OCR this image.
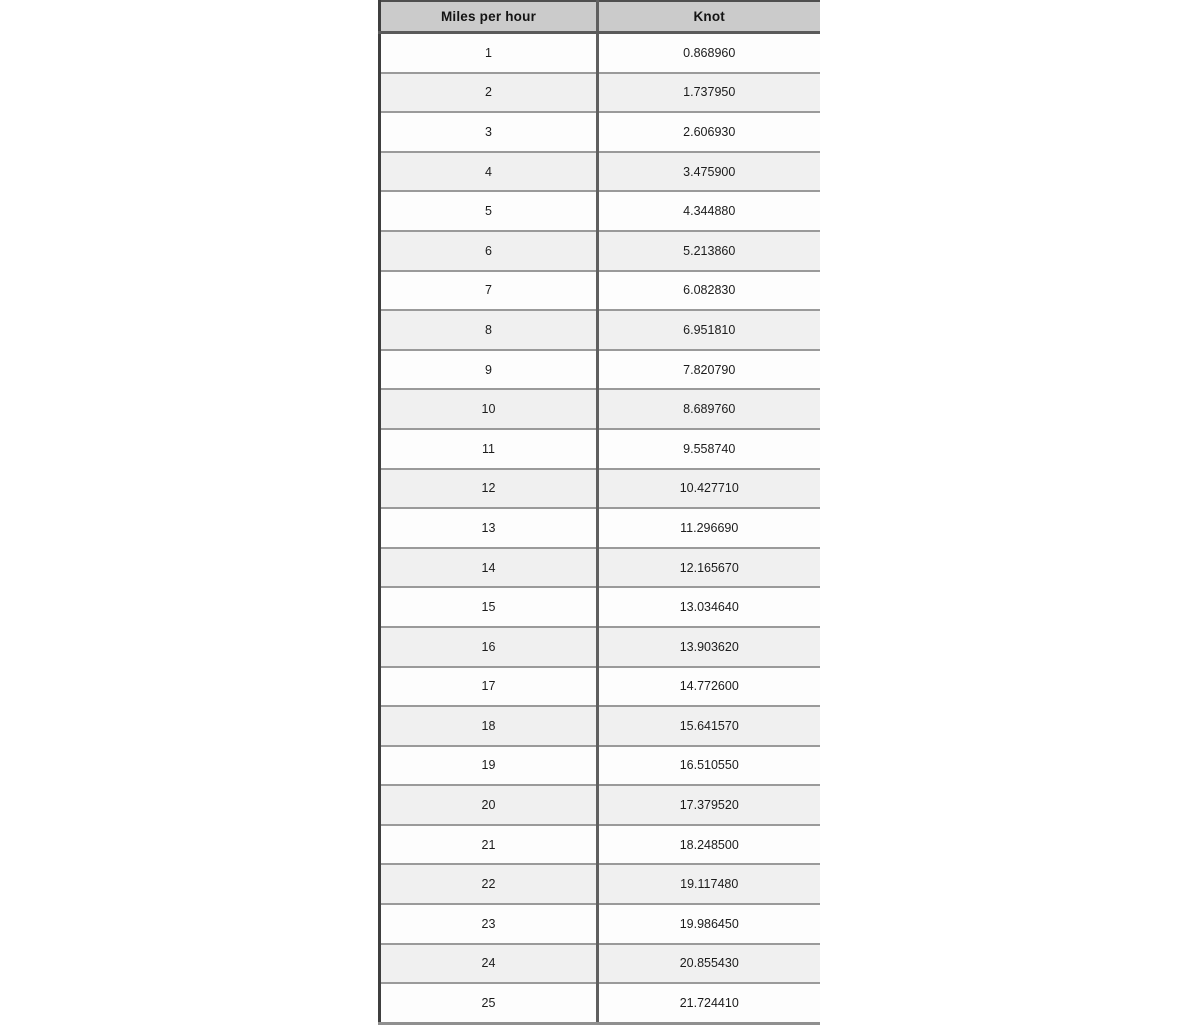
Miles per hour	Knot
1	0.868960
2	1.737950
3	2.606930
4	3.475900
5	4.344880
6	5.213860
7	6.082830
8	6.951810
9	7.820790
10	8.689760
11	9.558740
12	10.427710
13	11.296690
14	12.165670
15	13.034640
16	13.903620
17	14.772600
18	15.641570
19	16.510550
20	17.379520
21	18.248500
22	19.117480
23	19.986450
24	20.855430
25	21.724410
